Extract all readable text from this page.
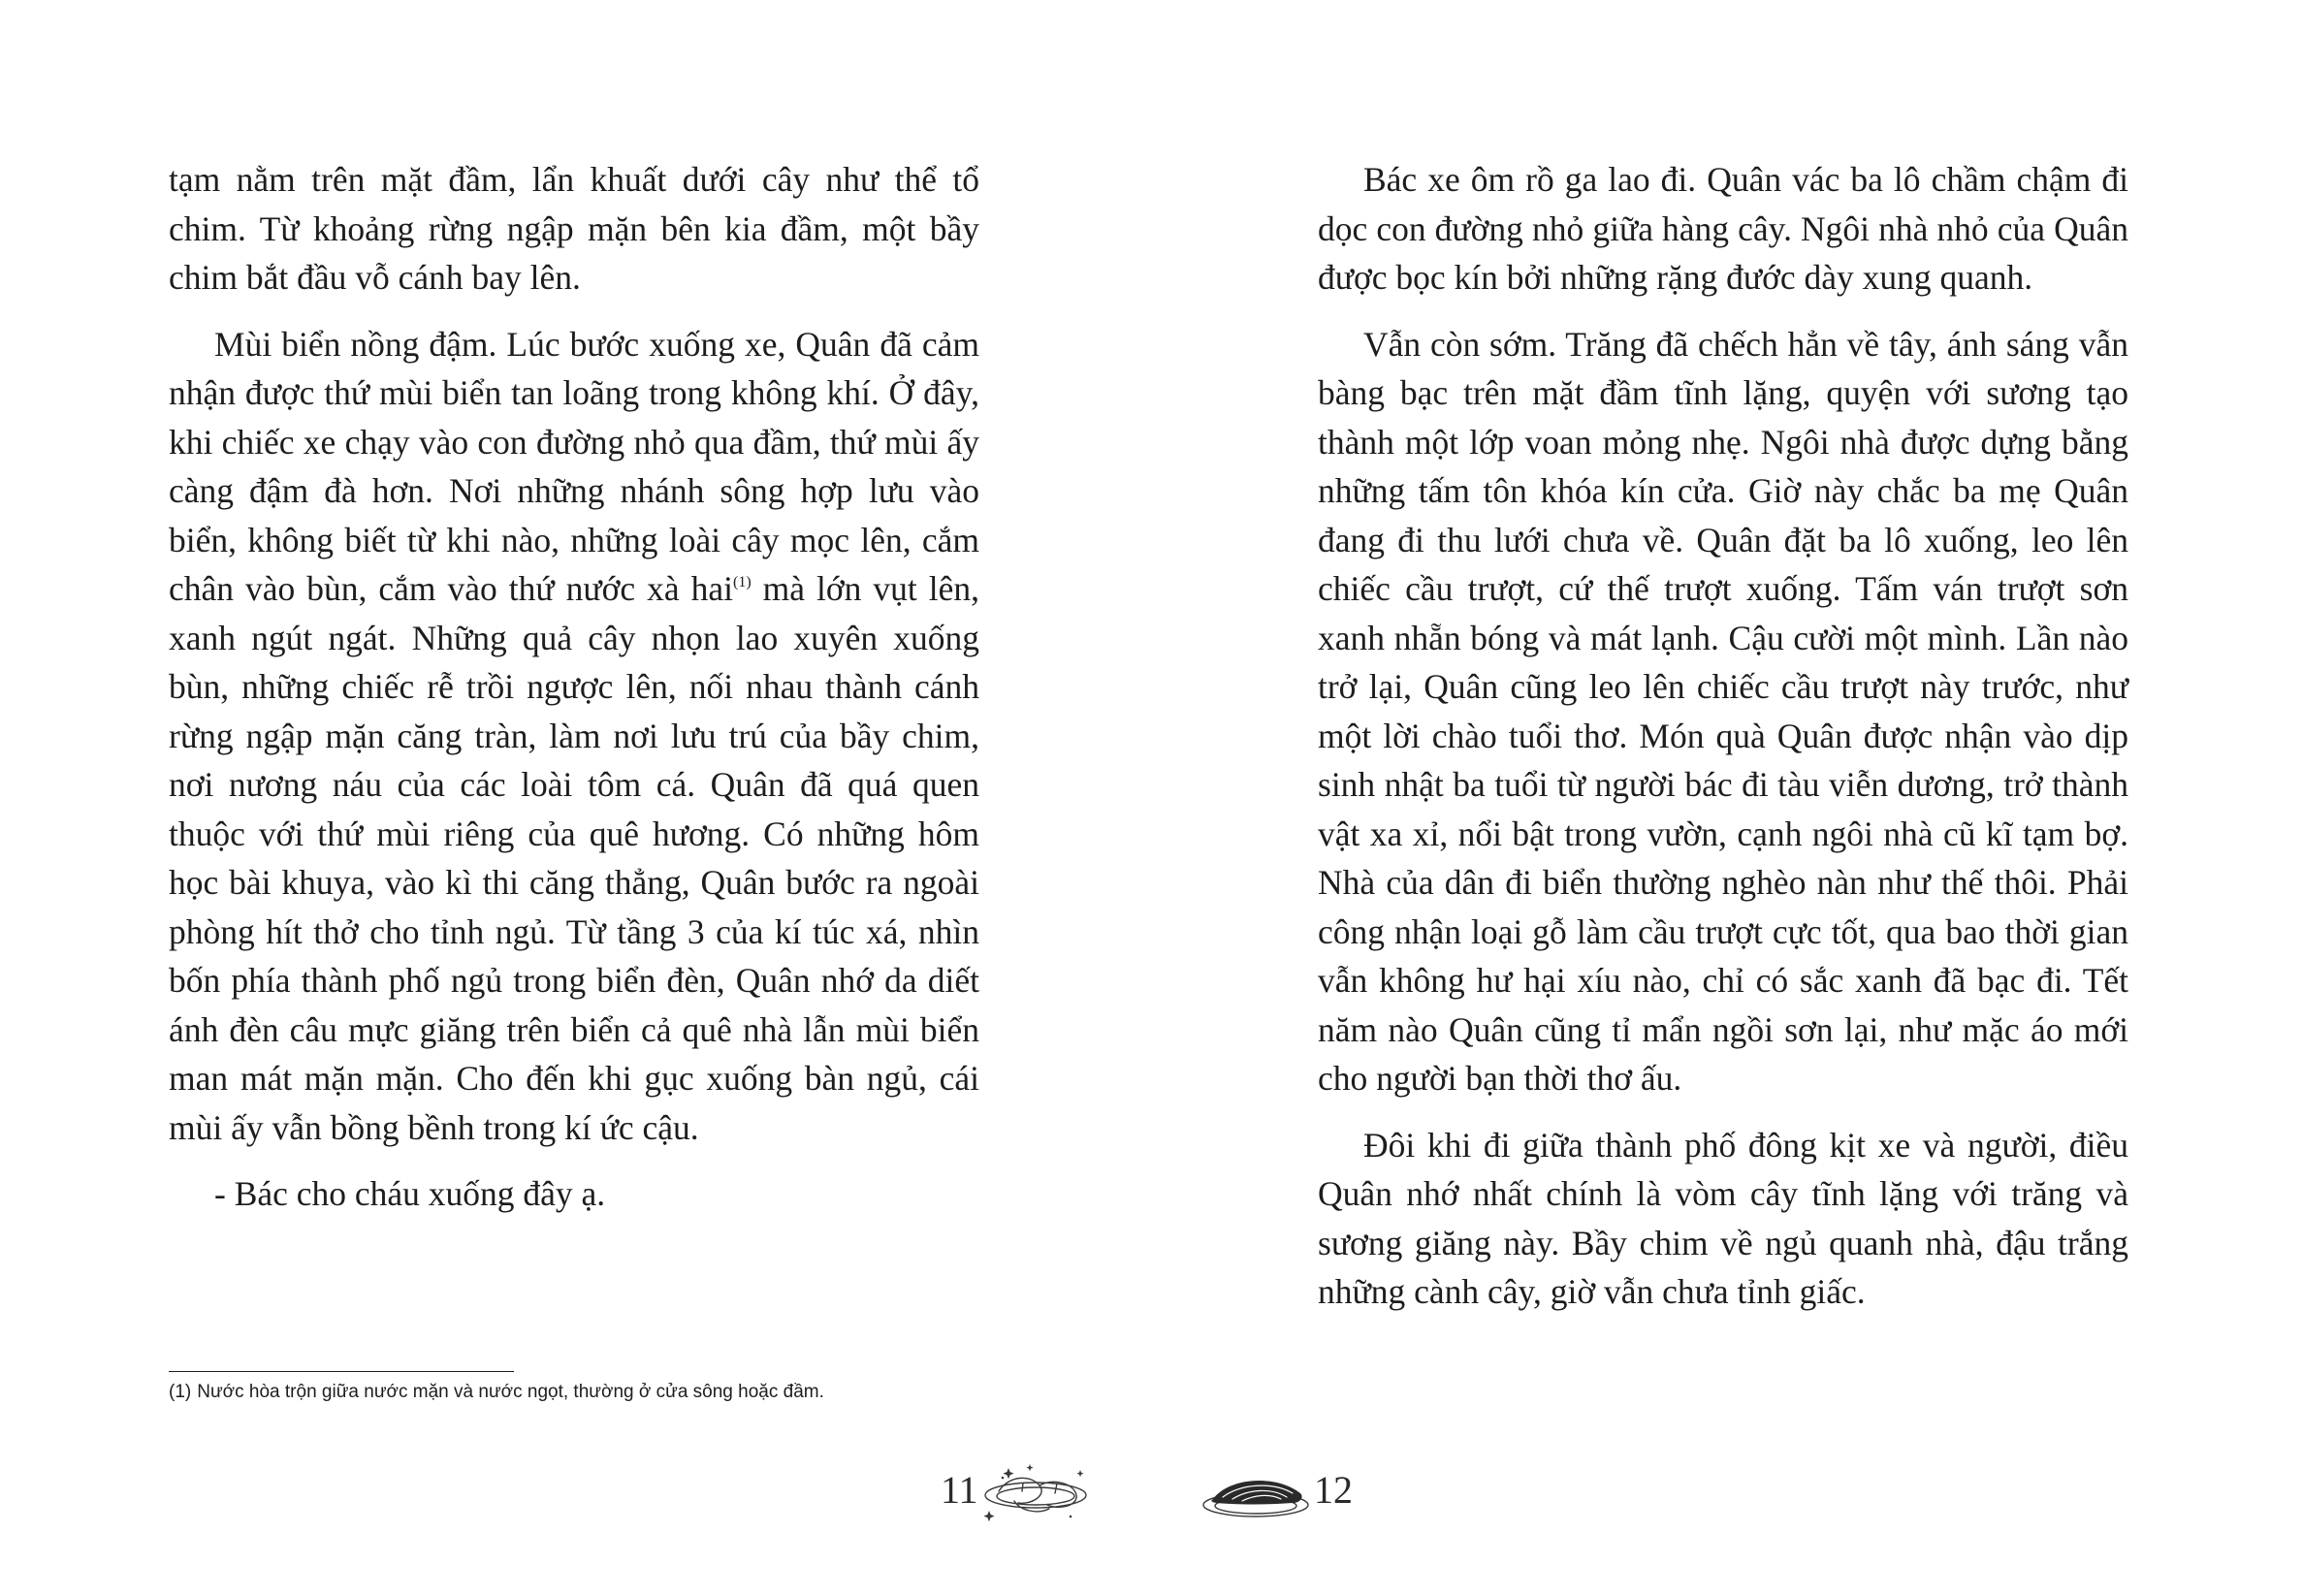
tạm nằm trên mặt đầm, lẩn khuất dưới cây như thể tổ chim. Từ khoảng rừng ngập mặn bên kia đầm, một bầy chim bắt đầu vỗ cánh bay lên.

Mùi biển nồng đậm. Lúc bước xuống xe, Quân đã cảm nhận được thứ mùi biển tan loãng trong không khí. Ở đây, khi chiếc xe chạy vào con đường nhỏ qua đầm, thứ mùi ấy càng đậm đà hơn. Nơi những nhánh sông hợp lưu vào biển, không biết từ khi nào, những loài cây mọc lên, cắm chân vào bùn, cắm vào thứ nước xà hai$^{(1)}$ mà lớn vụt lên, xanh ngút ngát. Những quả cây nhọn lao xuyên xuống bùn, những chiếc rễ trồi ngược lên, nối nhau thành cánh rừng ngập mặn căng tràn, làm nơi lưu trú của bầy chim, nơi nương náu của các loài tôm cá. Quân đã quá quen thuộc với thứ mùi riêng của quê hương. Có những hôm học bài khuya, vào kì thi căng thẳng, Quân bước ra ngoài phòng hít thở cho tỉnh ngủ. Từ tầng 3 của kí túc xá, nhìn bốn phía thành phố ngủ trong biển đèn, Quân nhớ da diết ánh đèn câu mực giăng trên biển cả quê nhà lẫn mùi biển man mát mặn mặn. Cho đến khi gục xuống bàn ngủ, cái mùi ấy vẫn bồng bềnh trong kí ức cậu.

- Bác cho cháu xuống đây ạ.

(1) Nước hòa trộn giữa nước mặn và nước ngọt, thường ở cửa sông hoặc đầm.
11

Bác xe ôm rồ ga lao đi. Quân vác ba lô chầm chậm đi dọc con đường nhỏ giữa hàng cây. Ngôi nhà nhỏ của Quân được bọc kín bởi những rặng đước dày xung quanh.

Vẫn còn sớm. Trăng đã chếch hẳn về tây, ánh sáng vẫn bàng bạc trên mặt đầm tĩnh lặng, quyện với sương tạo thành một lớp voan mỏng nhẹ. Ngôi nhà được dựng bằng những tấm tôn khóa kín cửa. Giờ này chắc ba mẹ Quân đang đi thu lưới chưa về. Quân đặt ba lô xuống, leo lên chiếc cầu trượt, cứ thế trượt xuống. Tấm ván trượt sơn xanh nhẵn bóng và mát lạnh. Cậu cười một mình. Lần nào trở lại, Quân cũng leo lên chiếc cầu trượt này trước, như một lời chào tuổi thơ. Món quà Quân được nhận vào dịp sinh nhật ba tuổi từ người bác đi tàu viễn dương, trở thành vật xa xỉ, nổi bật trong vườn, cạnh ngôi nhà cũ kĩ tạm bợ. Nhà của dân đi biển thường nghèo nàn như thế thôi. Phải công nhận loại gỗ làm cầu trượt cực tốt, qua bao thời gian vẫn không hư hại xíu nào, chỉ có sắc xanh đã bạc đi. Tết năm nào Quân cũng tỉ mẩn ngồi sơn lại, như mặc áo mới cho người bạn thời thơ ấu.

Đôi khi đi giữa thành phố đông kịt xe và người, điều Quân nhớ nhất chính là vòm cây tĩnh lặng với trăng và sương giăng này. Bầy chim về ngủ quanh nhà, đậu trắng những cành cây, giờ vẫn chưa tỉnh giấc.

12
